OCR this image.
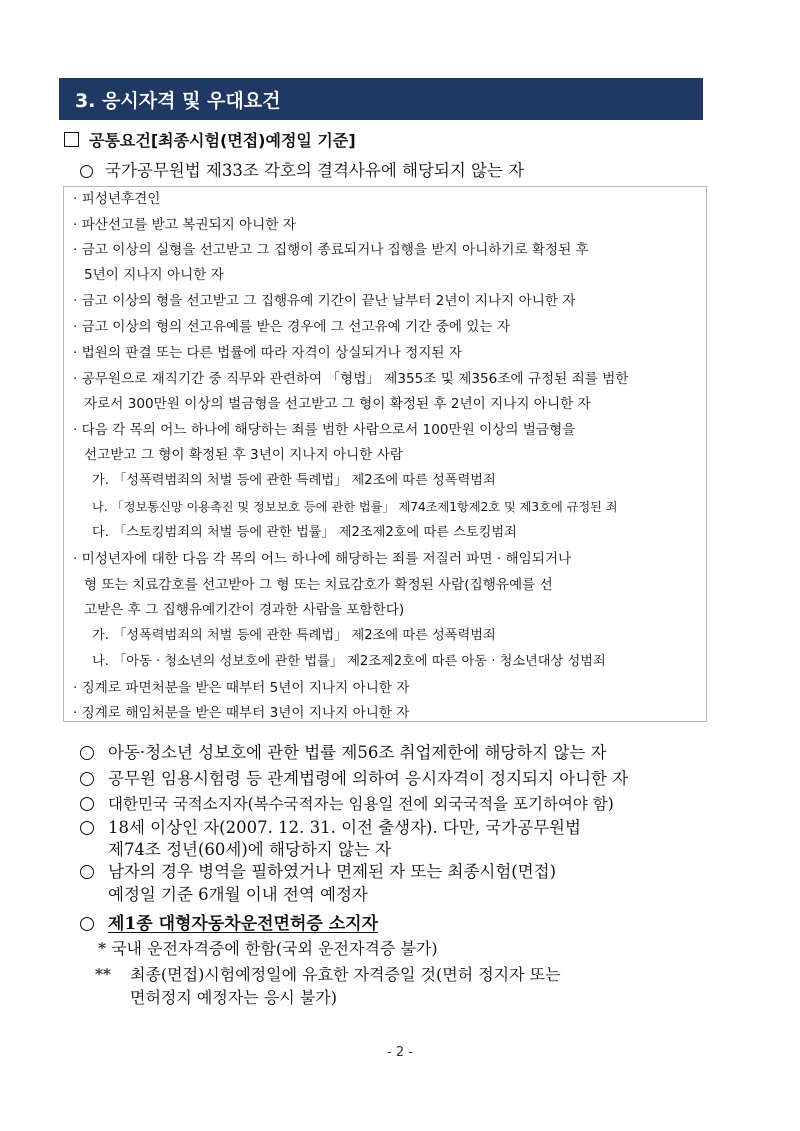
3. 응시자격 및 우대요건
공통요건[최종시험(면접)예정일 기준]
국가공무원법 제33조 각호의 결격사유에 해당되지 않는 자
· 피성년후견인
· 파산선고를 받고 복권되지 아니한 자
· 금고 이상의 실형을 선고받고 그 집행이 종료되거나 집행을 받지 아니하기로 확정된 후
5년이 지나지 아니한 자
· 금고 이상의 형을 선고받고 그 집행유예 기간이 끝난 날부터 2년이 지나지 아니한 자
· 금고 이상의 형의 선고유예를 받은 경우에 그 선고유예 기간 중에 있는 자
· 법원의 판결 또는 다른 법률에 따라 자격이 상실되거나 정지된 자
· 공무원으로 재직기간 중 직무와 관련하여 「형법」 제355조 및 제356조에 규정된 죄를 범한
자로서 300만원 이상의 벌금형을 선고받고 그 형이 확정된 후 2년이 지나지 아니한 자
· 다음 각 목의 어느 하나에 해당하는 죄를 범한 사람으로서 100만원 이상의 벌금형을
선고받고 그 형이 확정된 후 3년이 지나지 아니한 사람
가. 「성폭력범죄의 처벌 등에 관한 특례법」 제2조에 따른 성폭력범죄
나. 「정보통신망 이용촉진 및 정보보호 등에 관한 법률」 제74조제1항제2호 및 제3호에 규정된 죄
다. 「스토킹범죄의 처벌 등에 관한 법률」 제2조제2호에 따른 스토킹범죄
· 미성년자에 대한 다음 각 목의 어느 하나에 해당하는 죄를 저질러 파면 · 해임되거나
형 또는 치료감호를 선고받아 그 형 또는 치료감호가 확정된 사람(집행유예를 선
고받은 후 그 집행유예기간이 경과한 사람을 포함한다)
가. 「성폭력범죄의 처벌 등에 관한 특례법」 제2조에 따른 성폭력범죄
나. 「아동 · 청소년의 성보호에 관한 법률」 제2조제2호에 따른 아동 · 청소년대상 성범죄
· 징계로 파면처분을 받은 때부터 5년이 지나지 아니한 자
· 징계로 해임처분을 받은 때부터 3년이 지나지 아니한 자
아동·청소년 성보호에 관한 법률 제56조 취업제한에 해당하지 않는 자
공무원 임용시험령 등 관계법령에 의하여 응시자격이 정지되지 아니한 자
대한민국 국적소지자(복수국적자는 임용일 전에 외국국적을 포기하여야 함)
18세 이상인 자(2007. 12. 31. 이전 출생자). 다만, 국가공무원법
제74조 정년(60세)에 해당하지 않는 자
남자의 경우 병역을 필하였거나 면제된 자 또는 최종시험(면접)
예정일 기준 6개월 이내 전역 예정자
제1종 대형자동차운전면허증 소지자
* 국내 운전자격증에 한함(국외 운전자격증 불가)
** 최종(면접)시험예정일에 유효한 자격증일 것(면허 정지자 또는
면허정지 예정자는 응시 불가)
- 2 -
